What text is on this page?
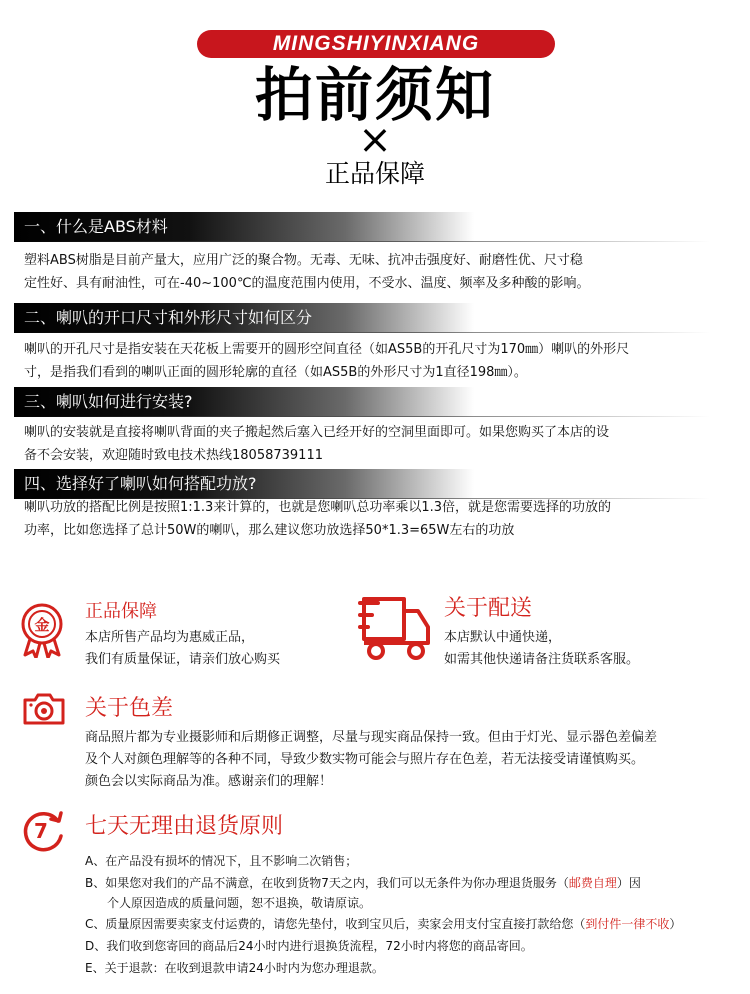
MINGSHIYINXIANG
拍前须知
×
正品保障
一、什么是ABS材料
塑料ABS树脂是目前产量大，应用广泛的聚合物。无毒、无味、抗冲击强度好、耐磨性优、尺寸稳
定性好、具有耐油性，可在-40~100℃的温度范围内使用，不受水、温度、频率及多种酸的影响。
二、喇叭的开口尺寸和外形尺寸如何区分
喇叭的开孔尺寸是指安装在天花板上需要开的圆形空间直径（如AS5B的开孔尺寸为170㎜）喇叭的外形尺
寸，是指我们看到的喇叭正面的圆形轮廓的直径（如AS5B的外形尺寸为1直径198㎜）。
三、喇叭如何进行安装?
喇叭的安装就是直接将喇叭背面的夹子搬起然后塞入已经开好的空洞里面即可。如果您购买了本店的设
备不会安装，欢迎随时致电技术热线18058739111
四、选择好了喇叭如何搭配功放?
喇叭功放的搭配比例是按照1:1.3来计算的，也就是您喇叭总功率乘以1.3倍，就是您需要选择的功放的
功率，比如您选择了总计50W的喇叭，那么建议您功放选择50*1.3=65W左右的功放
金
正品保障
本店所售产品均为惠威正品，
我们有质量保证，请亲们放心购买
关于配送
本店默认中通快递，
如需其他快递请备注货联系客服。
关于色差
商品照片都为专业摄影师和后期修正调整，尽量与现实商品保持一致。但由于灯光、显示器色差偏差
及个人对颜色理解等的各种不同，导致少数实物可能会与照片存在色差，若无法接受请谨慎购买。
颜色会以实际商品为准。感谢亲们的理解！
7 七天无理由退货原则
A、在产品没有损坏的情况下，且不影响二次销售；
B、如果您对我们的产品不满意，在收到货物7天之内，我们可以无条件为你办理退货服务（邮费自理）因
个人原因造成的质量问题，恕不退换，敬请原谅。
C、质量原因需要卖家支付运费的，请您先垫付，收到宝贝后，卖家会用支付宝直接打款给您（到付件一律不收）
D、我们收到您寄回的商品后24小时内进行退换货流程，72小时内将您的商品寄回。
E、关于退款：在收到退款申请24小时内为您办理退款。
